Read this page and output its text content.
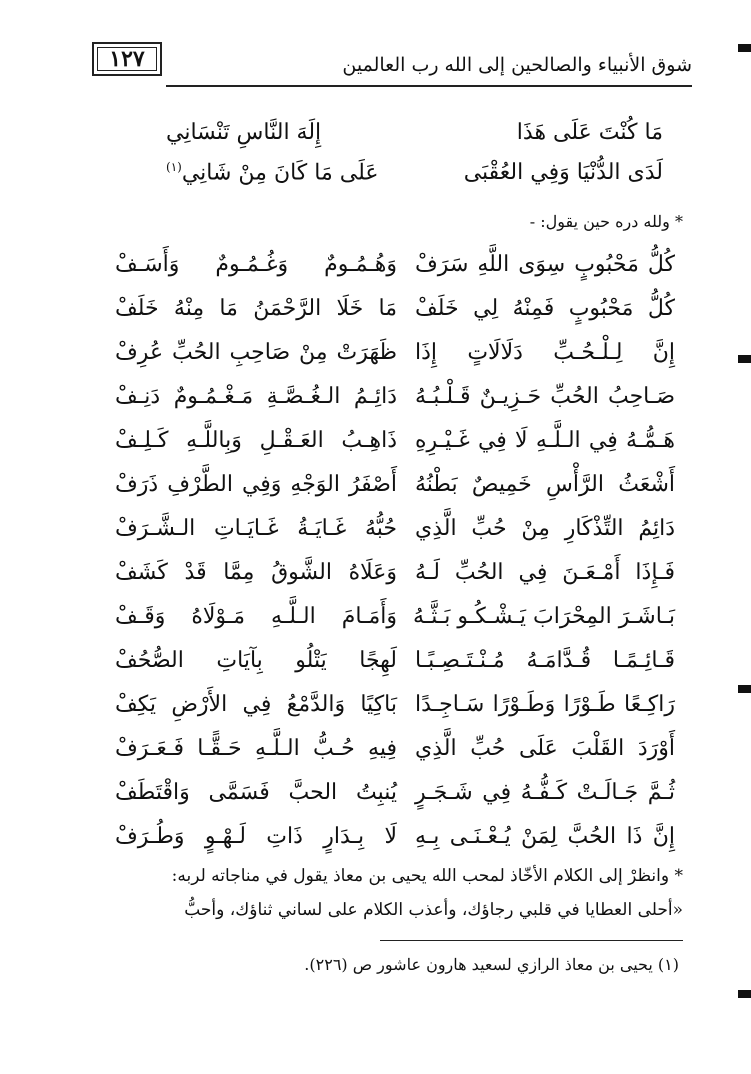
١٢٧	شوق الأنبياء والصالحين إلى الله رب العالمين
مَا كُنْتَ عَلَى هَذَا
إِلَهَ النَّاسِ تَنْسَانِي
لَدَى الدُّنْيَا وَفِي العُقْبَى
عَلَى مَا كَانَ مِنْ شَانِي$^{(١)}$
* ولله دره حين يقول: -
كُلُّ مَحْبُوبٍ سِوَى اللَّهِ سَرَفْ
وَهُـمُـومٌ وَغُـمُـومٌ وَأَسَـفْ
كُلُّ مَحْبُوبٍ فَمِنْهُ لِي خَلَفْ
مَا خَلَا الرَّحْمَنُ مَا مِنْهُ خَلَفْ
إِنَّ لِـلْـحُـبِّ دَلَالَاتٍ إِذَا
ظَهَرَتْ مِنْ صَاحِبِ الحُبِّ عُرِفْ
صَـاحِبُ الحُبِّ حَـزِيـنٌ قَـلْـبُـهُ
دَائِـمُ الـغُـصَّـةِ مَـغْـمُـومٌ دَنِـفْ
هَـمُّـهُ فِي الـلَّـهِ لَا فِي غَـيْـرِهِ
ذَاهِـبُ العَـقْـلِ وَبِاللَّـهِ كَـلِـفْ
أَشْعَثُ الرَّأْسِ خَمِيصٌ بَطْنُهُ
أَصْفَرُ الوَجْهِ وَفِي الطَّرْفِ ذَرَفْ
دَائِمُ التِّذْكَارِ مِنْ حُبِّ الَّذِي
حُبُّهُ غَـايَـةُ غَـايَـاتِ الـشَّـرَفْ
فَـإِذَا أَمْـعَـنَ فِي الحُبِّ لَـهُ
وَعَلَاهُ الشَّوقُ مِمَّا قَدْ كَشَفْ
بَـاشَـرَ المِحْرَابَ يَـشْـكُـو بَـثَّـهُ
وَأَمَـامَ الـلَّـهِ مَـوْلَاهُ وَقَـفْ
قَـائِـمًـا قُـدَّامَـهُ مُـنْـتَـصِـبًـا
لَهِجًا يَتْلُو بِآيَاتِ الصُّحُفْ
رَاكِـعًا طَـوْرًا وَطَـوْرًا سَـاجِـدًا
بَاكِيًا وَالدَّمْعُ فِي الأَرْضِ يَكِفْ
أَوْرَدَ القَلْبَ عَلَى حُبِّ الَّذِي
فِيهِ حُـبُّ الـلَّـهِ حَـقًّـا فَـعَـرَفْ
ثُـمَّ جَـالَـتْ كَـفُّـهُ فِي شَـجَـرٍ
يُنبِتُ الحبَّ فَسَمَّى وَاقْتَطَفْ
إِنَّ ذَا الحُبَّ لِمَنْ يُـعْـنَـى بِـهِ
لَا بِـدَارٍ ذَاتِ لَـهْـوٍ وَطُـرَفْ
* وانظرْ إلى الكلام الأخّاذ لمحب الله يحيى بن معاذ يقول في مناجاته لربه:
«أحلى العطايا في قلبي رجاؤك، وأعذب الكلام على لساني ثناؤك، وأحبُّ
(١) يحيى بن معاذ الرازي لسعيد هارون عاشور ص (٢٢٦).
